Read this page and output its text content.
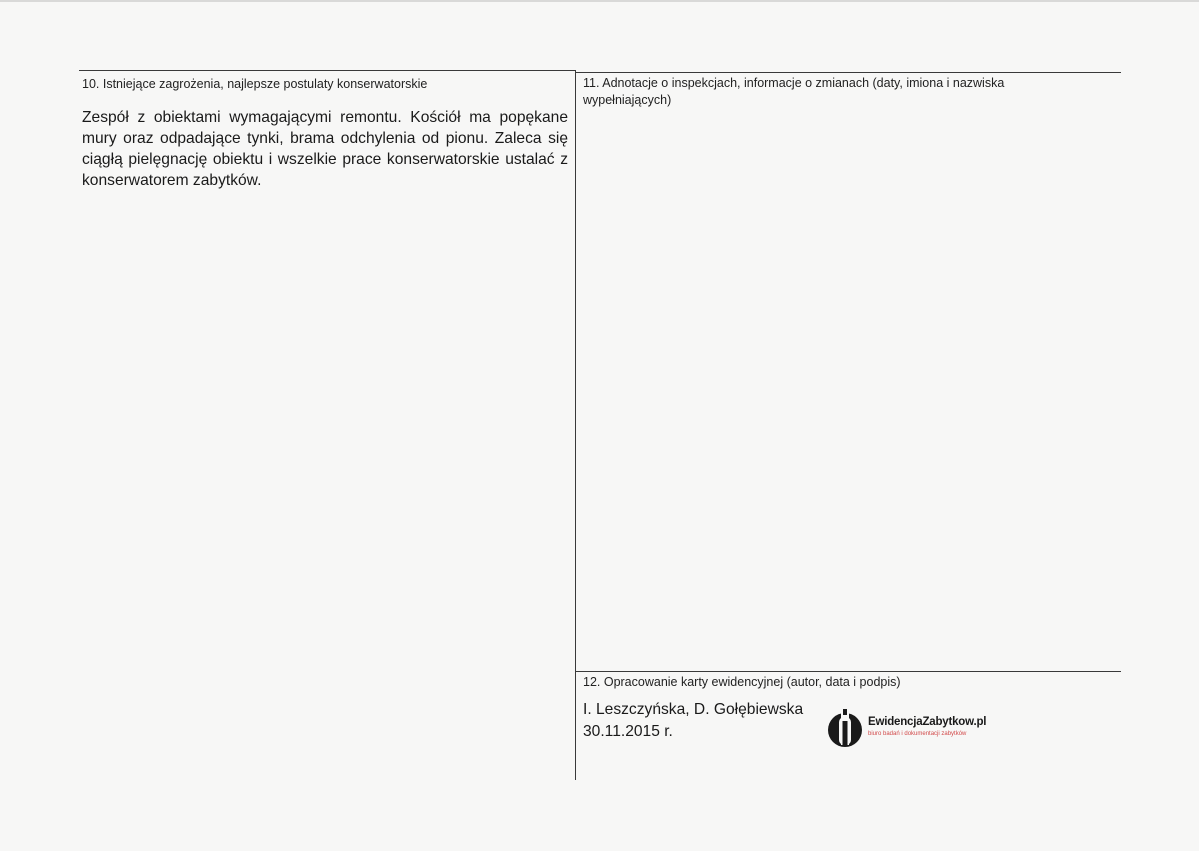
10. Istniejące zagrożenia, najlepsze postulaty konserwatorskie
Zespół z obiektami wymagającymi remontu. Kościół ma popękane mury oraz odpadające tynki, brama odchylenia od pionu. Zaleca się ciągłą pielęgnację obiektu i wszelkie prace konserwatorskie ustalać z konserwatorem zabytków.
11. Adnotacje o inspekcjach, informacje o zmianach (daty, imiona i nazwiska
wypełniających)
12. Opracowanie karty ewidencyjnej (autor, data i podpis)
I. Leszczyńska, D. Gołębiewska
30.11.2015 r.
EwidencjaZabytkow.pl
biuro badań i dokumentacji zabytków
